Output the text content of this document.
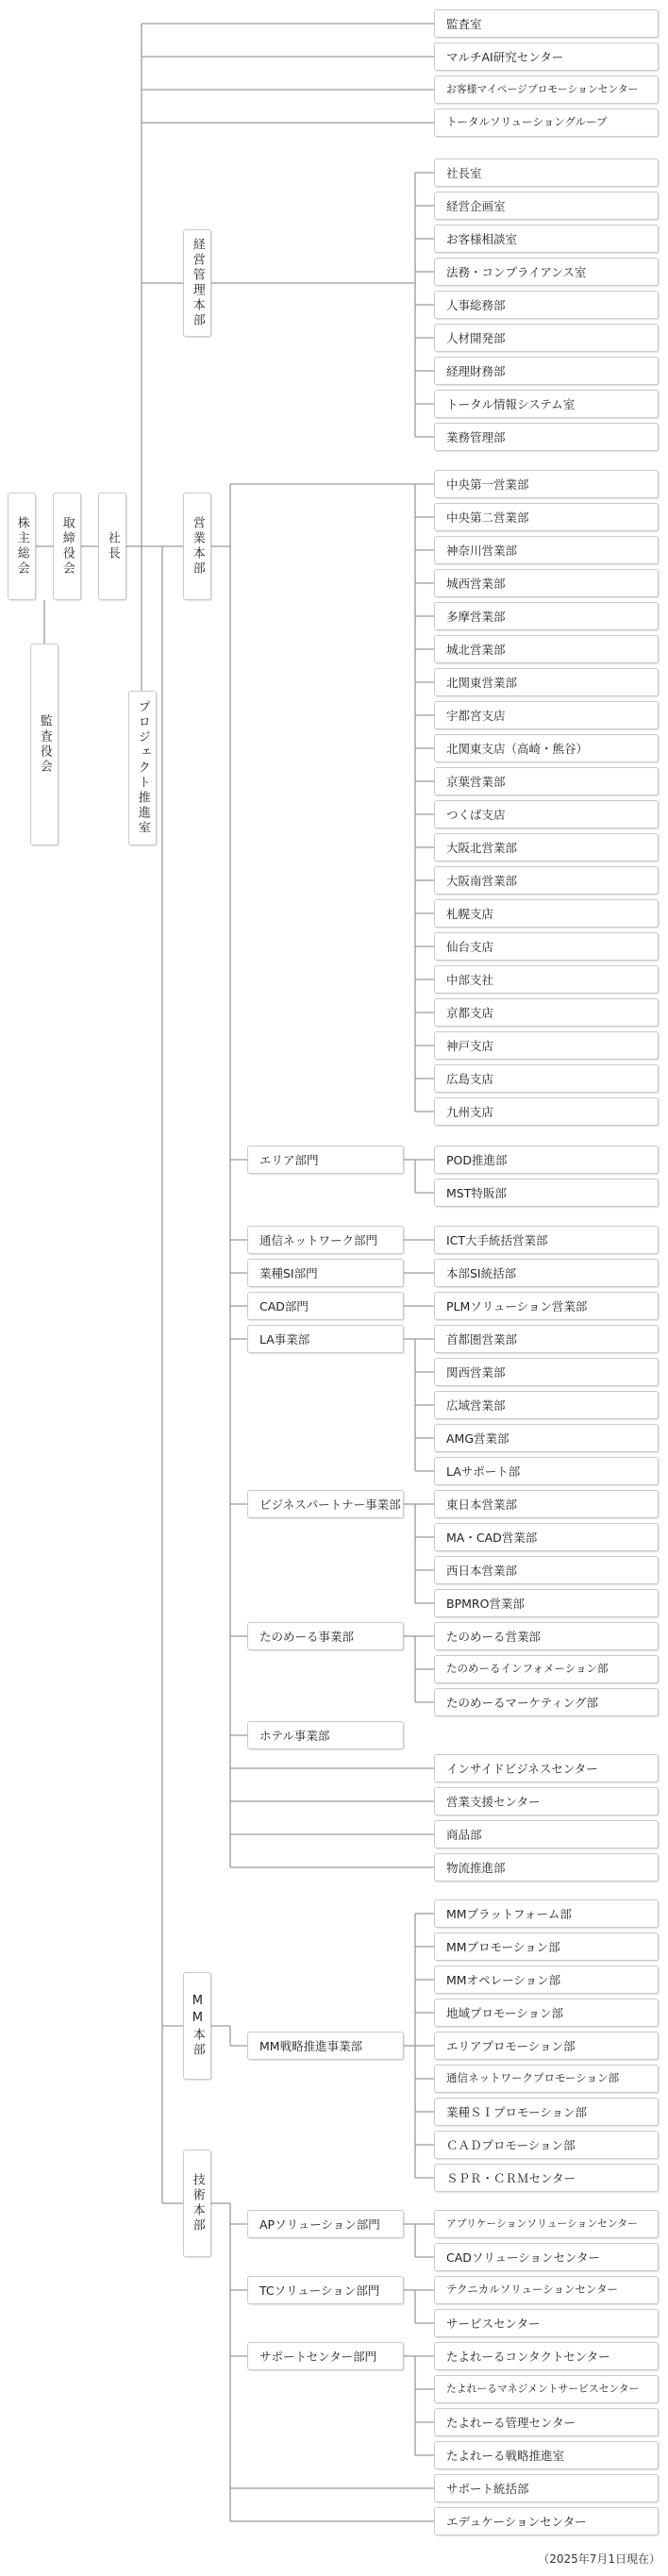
株主総会
監査役会
取締役会	社長
プロジェクト推進室
経営管理本部
営業本部
MM本部
技術本部
エリア部門
通信ネットワーク部門
業種SI部門
CAD部門
LA事業部
ビジネスパートナー事業部
たのめーる事業部
ホテル事業部
MM戦略推進事業部
APソリューション部門
TCソリューション部門
サポートセンター部門
監査室
マルチAI研究センター
お客様マイページプロモーションセンター
トータルソリューショングループ
社長室
経営企画室
お客様相談室
法務・コンプライアンス室
人事総務部
人材開発部
経理財務部
トータル情報システム室
業務管理部
中央第一営業部
中央第二営業部
神奈川営業部
城西営業部
多摩営業部
城北営業部
北関東営業部
宇都宮支店
北関東支店（高崎・熊谷）
京葉営業部
つくば支店
大阪北営業部
大阪南営業部
札幌支店
仙台支店
中部支社
京都支店
神戸支店
広島支店
九州支店
POD推進部
MST特販部
ICT大手統括営業部
本部SI統括部
PLMソリューション営業部
首都圏営業部
関西営業部
広域営業部
AMG営業部
LAサポート部
東日本営業部
MA・CAD営業部
西日本営業部
BPMRO営業部
たのめーる営業部
たのめーるインフォメーション部
たのめーるマーケティング部
インサイドビジネスセンター
営業支援センター
商品部
物流推進部
MMプラットフォーム部
MMプロモーション部
MMオペレーション部
地域プロモーション部
エリアプロモーション部
通信ネットワークプロモーション部
業種ＳＩプロモーション部
ＣＡＤプロモーション部
ＳＰＲ・ＣＲＭセンター
アプリケーションソリューションセンター
CADソリューションセンター
テクニカルソリューションセンター
サービスセンター
たよれーるコンタクトセンター
たよれーるマネジメントサービスセンター
たよれーる管理センター
たよれーる戦略推進室
サポート統括部
エデュケーションセンター
（2025年7月1日現在）
